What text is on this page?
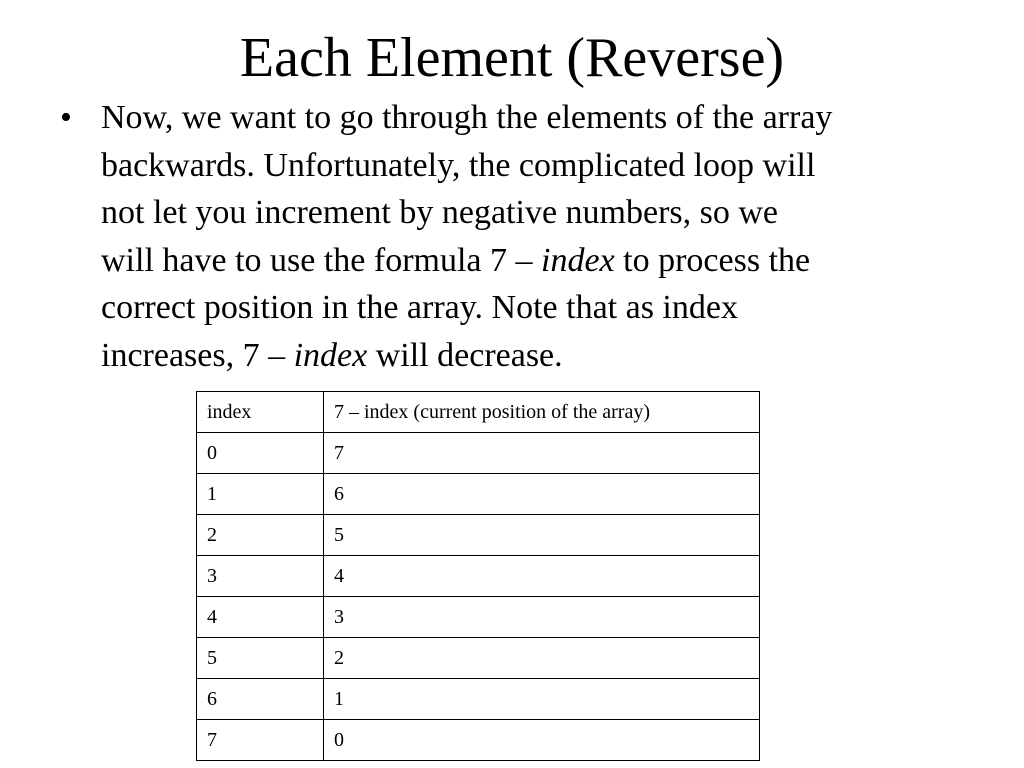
Each Element (Reverse)
• Now, we want to go through the elements of the array
backwards. Unfortunately, the complicated loop will
not let you increment by negative numbers, so we
will have to use the formula 7 – index to process the
correct position in the array. Note that as index
increases, 7 – index will decrease.
index	7 – index (current position of the array)
0	7
1	6
2	5
3	4
4	3
5	2
6	1
7	0
